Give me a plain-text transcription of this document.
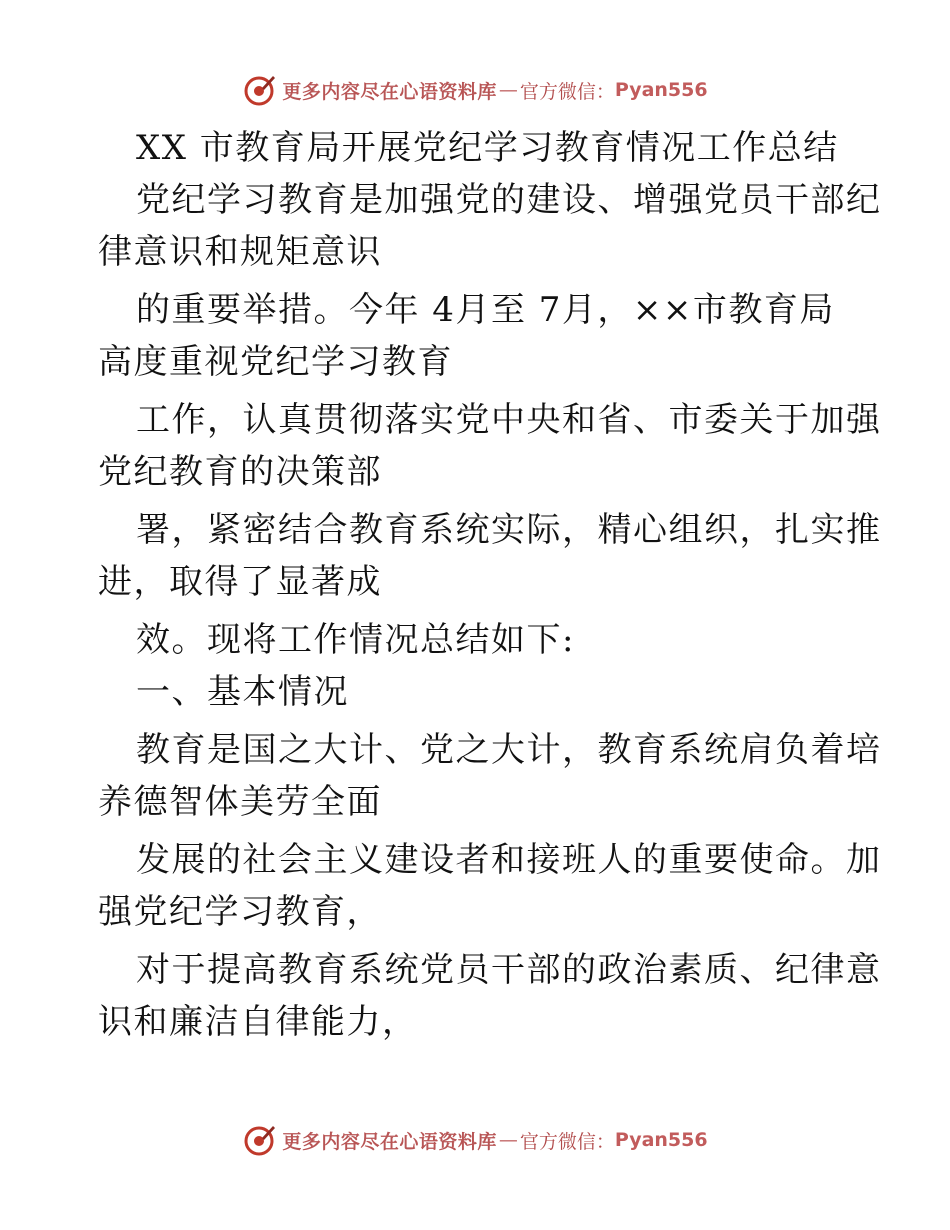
更多内容尽在心语资料库 — 官方微信： Pyan556
XX 市教育局开展党纪学习教育情况工作总结
党纪学习教育是加强党的建设、增强党员干部纪
律意识和规矩意识
的重要举措。今年 4月至 7月，××市教育局
高度重视党纪学习教育
工作，认真贯彻落实党中央和省、市委关于加强
党纪教育的决策部
署，紧密结合教育系统实际，精心组织，扎实推
进，取得了显著成
效。现将工作情况总结如下:
一、基本情况
教育是国之大计、党之大计，教育系统肩负着培
养德智体美劳全面
发展的社会主义建设者和接班人的重要使命。加
强党纪学习教育，
对于提高教育系统党员干部的政治素质、纪律意
识和廉洁自律能力，
更多内容尽在心语资料库 — 官方微信： Pyan556
